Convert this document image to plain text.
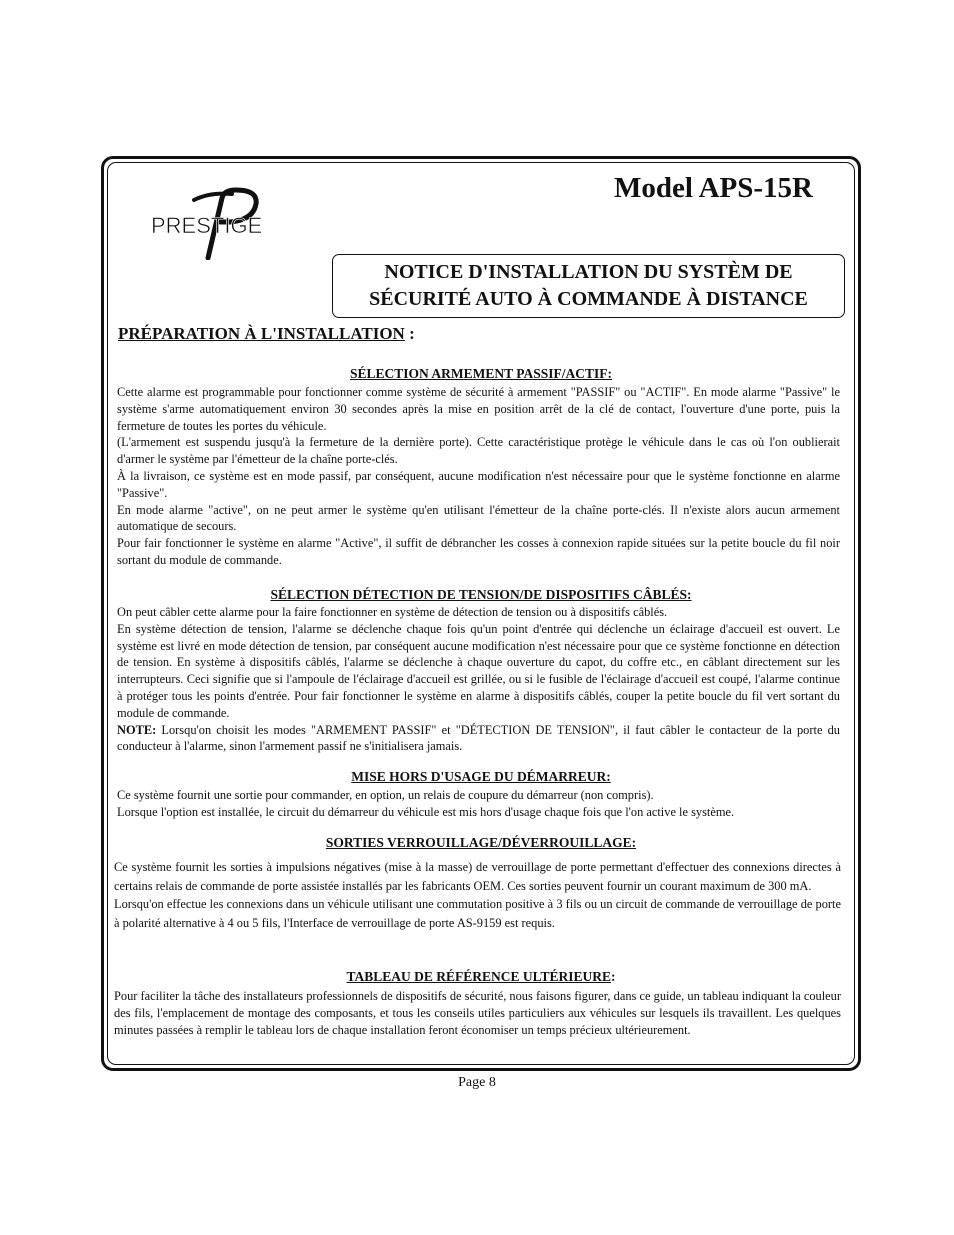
PRESTIGE
Model APS-15R
NOTICE D'INSTALLATION DU SYSTÈM DE
SÉCURITÉ AUTO À COMMANDE À DISTANCE
PRÉPARATION À L'INSTALLATION :
SÉLECTION ARMEMENT PASSIF/ACTIF:

Cette alarme est programmable pour fonctionner comme système de sécurité à armement "PASSIF" ou "ACTIF". En mode alarme "Passive" le système s'arme automatiquement environ 30 secondes après la mise en position arrêt de la clé de contact, l'ouverture d'une porte, puis la fermeture de toutes les portes du véhicule.

(L'armement est suspendu jusqu'à la fermeture de la dernière porte). Cette caractéristique protège le véhicule dans le cas où l'on oublierait d'armer le système par l'émetteur de la chaîne porte-clés.

À la livraison, ce système est en mode passif, par conséquent, aucune modification n'est nécessaire pour que le système fonctionne en alarme "Passive".

En mode alarme "active", on ne peut armer le système qu'en utilisant l'émetteur de la chaîne porte-clés. Il n'existe alors aucun armement automatique de secours.

Pour fair fonctionner le système en alarme "Active", il suffit de débrancher les cosses à connexion rapide situées sur la petite boucle du fil noir sortant du module de commande.

SÉLECTION DÉTECTION DE TENSION/DE DISPOSITIFS CÂBLÉS:

On peut câbler cette alarme pour la faire fonctionner en système de détection de tension ou à dispositifs câblés.

En système détection de tension, l'alarme se déclenche chaque fois qu'un point d'entrée qui déclenche un éclairage d'accueil est ouvert. Le système est livré en mode détection de tension, par conséquent aucune modification n'est nécessaire pour que ce système fonctionne en détection de tension. En système à dispositifs câblés, l'alarme se déclenche à chaque ouverture du capot, du coffre etc., en câblant directement sur les interrupteurs. Ceci signifie que si l'ampoule de l'éclairage d'accueil est grillée, ou si le fusible de l'éclairage d'accueil est coupé, l'alarme continue à protéger tous les points d'entrée. Pour fair fonctionner le système en alarme à dispositifs câblés, couper la petite boucle du fil vert sortant du module de commande.

NOTE: Lorsqu'on choisit les modes "ARMEMENT PASSIF" et "DÉTECTION DE TENSION", il faut câbler le contacteur de la porte du conducteur à l'alarme, sinon l'armement passif ne s'initialisera jamais.

MISE HORS D'USAGE DU DÉMARREUR:

Ce système fournit une sortie pour commander, en option, un relais de coupure du démarreur (non compris).

Lorsque l'option est installée, le circuit du démarreur du véhicule est mis hors d'usage chaque fois que l'on active le système.

SORTIES VERROUILLAGE/DÉVERROUILLAGE:

Ce système fournit les sorties à impulsions négatives (mise à la masse) de verrouillage de porte permettant d'effectuer des connexions directes à certains relais de commande de porte assistée installés par les fabricants OEM. Ces sorties peuvent fournir un courant maximum de 300 mA.

Lorsqu'on effectue les connexions dans un véhicule utilisant une commutation positive à 3 fils ou un circuit de commande de verrouillage de porte à polarité alternative à 4 ou 5 fils, l'Interface de verrouillage de porte AS-9159 est requis.

TABLEAU DE RÉFÉRENCE ULTÉRIEURE:

Pour faciliter la tâche des installateurs professionnels de dispositifs de sécurité, nous faisons figurer, dans ce guide, un tableau indiquant la couleur des fils, l'emplacement de montage des composants, et tous les conseils utiles particuliers aux véhicules sur lesquels ils travaillent. Les quelques minutes passées à remplir le tableau lors de chaque installation feront économiser un temps précieux ultérieurement.

Page 8
